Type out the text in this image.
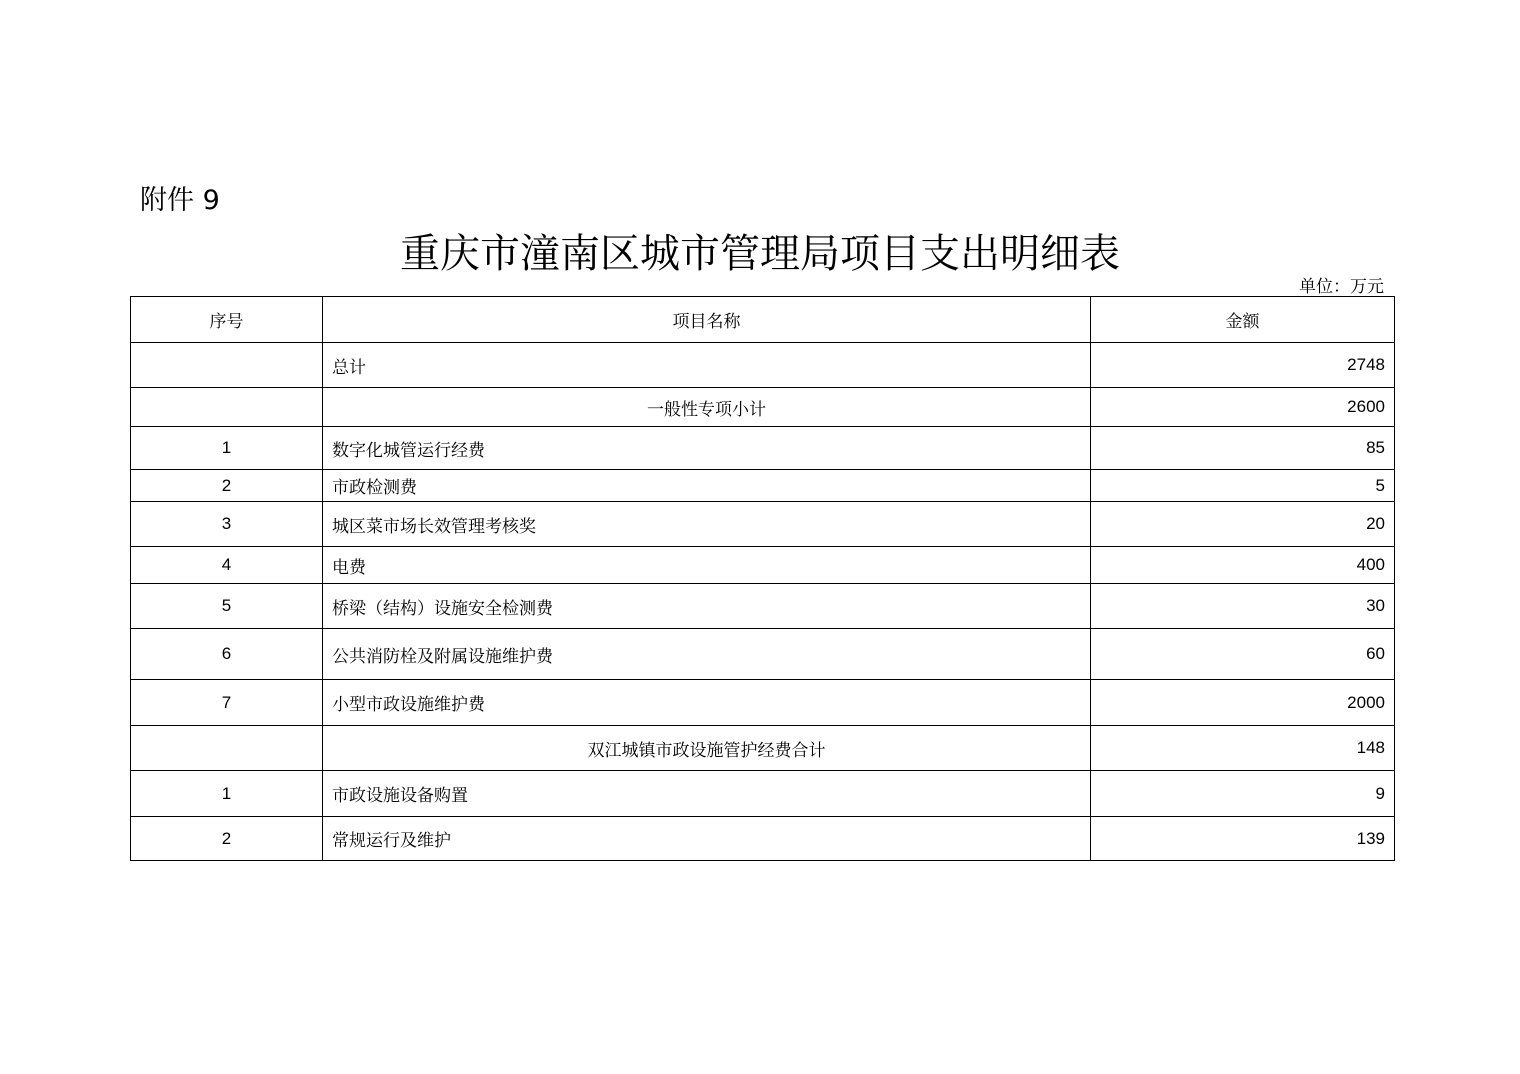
附件 9
重庆市潼南区城市管理局项目支出明细表
单位：万元
序号	项目名称	金额
	总计	2748
	一般性专项小计	2600
1	数字化城管运行经费	85
2	市政检测费	5
3	城区菜市场长效管理考核奖	20
4	电费	400
5	桥梁（结构）设施安全检测费	30
6	公共消防栓及附属设施维护费	60
7	小型市政设施维护费	2000
	双江城镇市政设施管护经费合计	148
1	市政设施设备购置	9
2	常规运行及维护	139
